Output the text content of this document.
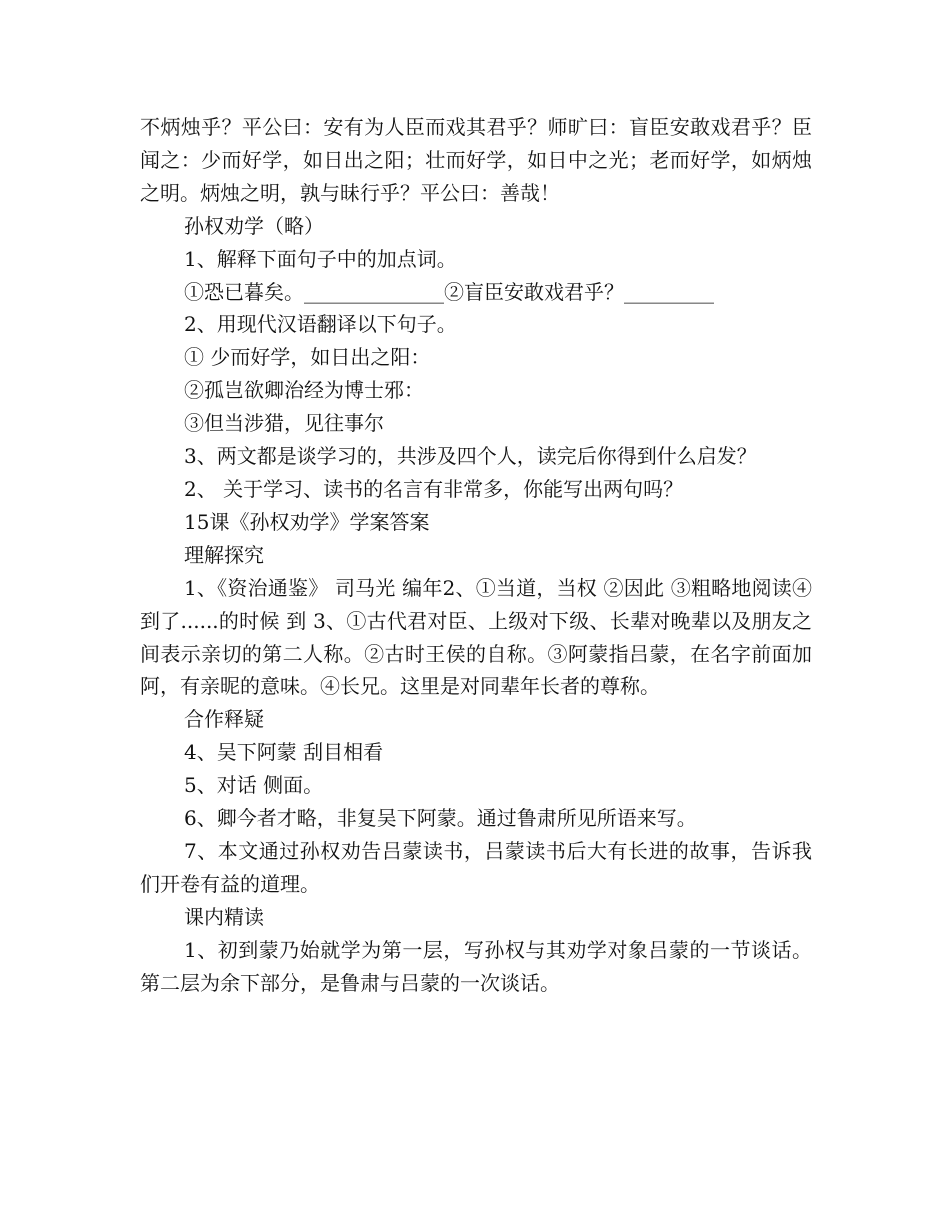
不炳烛乎？平公曰：安有为人臣而戏其君乎？师旷曰：盲臣安敢戏君乎？臣闻之：少而好学，如日出之阳；壮而好学，如日中之光；老而好学，如炳烛之明。炳烛之明，孰与昧行乎？平公曰：善哉！

孙权劝学（略）

1、解释下面句子中的加点词。

①恐已暮矣。______________②盲臣安敢戏君乎？_________

2、用现代汉语翻译以下句子。

① 少而好学，如日出之阳：

②孤岂欲卿治经为博士邪：

③但当涉猎，见往事尔

3、两文都是谈学习的，共涉及四个人，读完后你得到什么启发？

2、 关于学习、读书的名言有非常多，你能写出两句吗？

15课《孙权劝学》学案答案

理解探究

1、《资治通鉴》 司马光 编年2、①当道，当权 ②因此 ③粗略地阅读④到了......的时候 到 3、①古代君对臣、上级对下级、长辈对晚辈以及朋友之间表示亲切的第二人称。②古时王侯的自称。③阿蒙指吕蒙，在名字前面加阿，有亲昵的意味。④长兄。这里是对同辈年长者的尊称。

合作释疑

4、吴下阿蒙 刮目相看

5、对话 侧面。

6、卿今者才略，非复吴下阿蒙。通过鲁肃所见所语来写。

7、本文通过孙权劝告吕蒙读书，吕蒙读书后大有长进的故事，告诉我们开卷有益的道理。

课内精读

1、初到蒙乃始就学为第一层，写孙权与其劝学对象吕蒙的一节谈话。第二层为余下部分，是鲁肃与吕蒙的一次谈话。
